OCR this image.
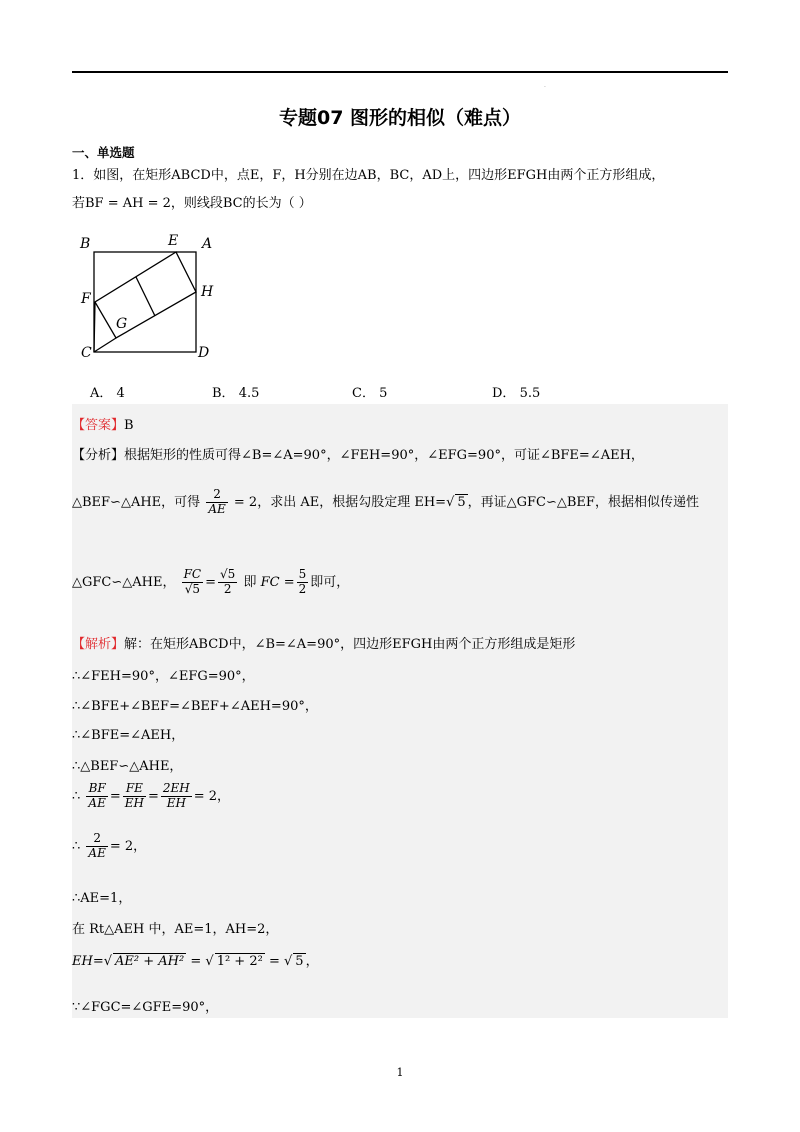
.
专题07 图形的相似（难点）
一、单选题
1．如图，在矩形ABCD中，点E，F，H分别在边AB，BC，AD上，四边形EFGH由两个正方形组成，
若BF = AH = 2，则线段BC的长为（ ）
B	E A
F	H
G
C	D
A． 4	B． 4.5	C． 5	D． 5.5
【答案】B
【分析】根据矩形的性质可得∠B=∠A=90°，∠FEH=90°，∠EFG=90°，可证∠BFE=∠AEH，
△BEF∽△AHE，可得 $\frac{2}{AE} = 2$，求出 AE，根据勾股定理 EH= √ 5 ，再证△GFC∽△BEF，根据相似传递性
△GFC∽△AHE， $\frac{FC}{√5} = \frac{√5}{2}$ 即 FC = $\frac{5}{2}$ 即可，
【解析】解：在矩形ABCD中，∠B=∠A=90°，四边形EFGH由两个正方形组成是矩形
∴∠FEH=90°，∠EFG=90°，
∴∠BFE+∠BEF=∠BEF+∠AEH=90°，
∴∠BFE=∠AEH，
∴△BEF∽△AHE，
∴ $\frac{BF}{AE} = \frac{FE}{EH} = \frac{2EH}{EH} = 2$，
∴ $\frac{2}{AE} = 2$，
∴AE=1，
在 Rt△AEH 中，AE=1，AH=2，
EH= √ AE² + AH² = √ 1² + 2² = √ 5 ，
∵∠FGC=∠GFE=90°，
1
